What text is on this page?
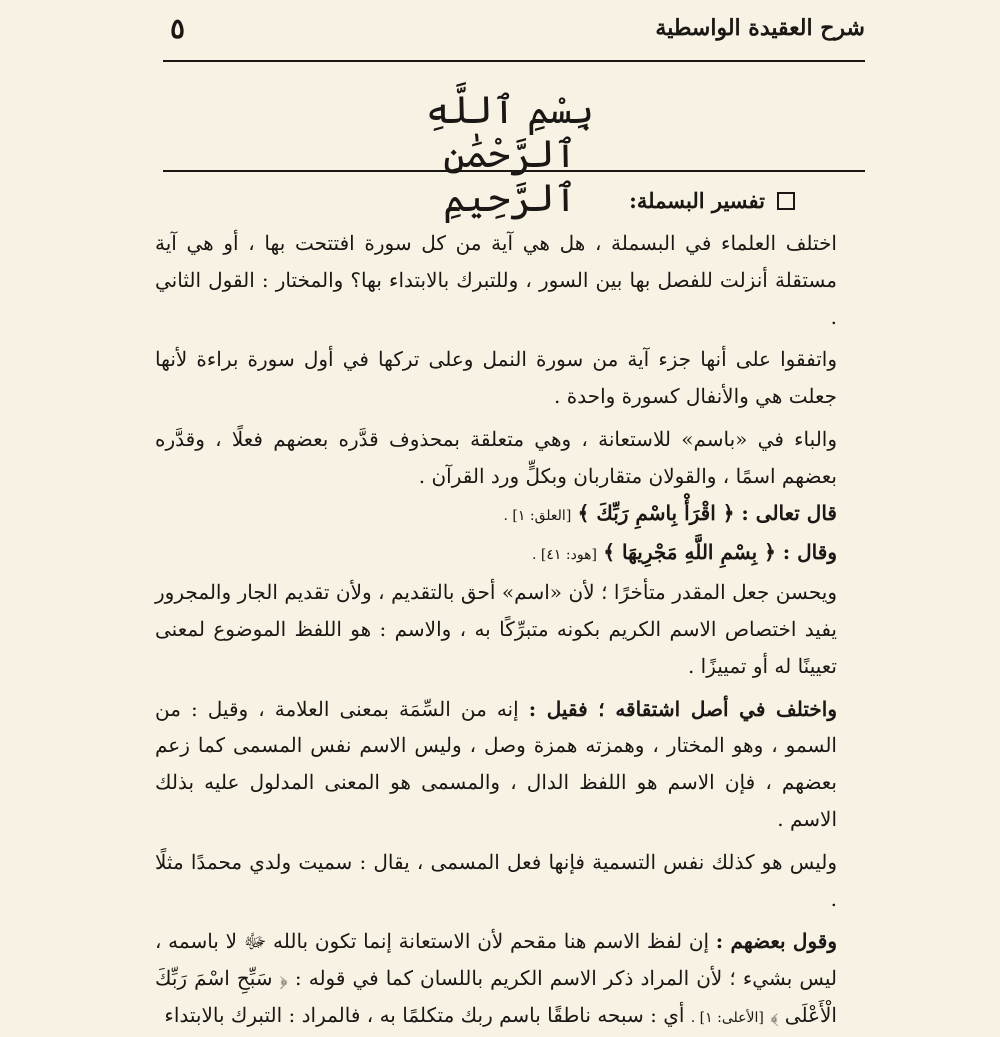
شرح العقيدة الواسطية
٥
بِسْمِ ٱللَّهِ ٱلرَّحْمَٰنِ ٱلرَّحِيمِ	تفسير البسملة:

اختلف العلماء في البسملة ، هل هي آية من كل سورة افتتحت بها ، أو هي آية مستقلة أنزلت للفصل بها بين السور ، وللتبرك بالابتداء بها؟ والمختار : القول الثاني .

واتفقوا على أنها جزء آية من سورة النمل وعلى تركها في أول سورة براءة لأنها جعلت هي والأنفال كسورة واحدة .

والباء في «باسم» للاستعانة ، وهي متعلقة بمحذوف قدَّره بعضهم فعلًا ، وقدَّره بعضهم اسمًا ، والقولان متقاربان وبكلٍّ ورد القرآن .

قال تعالى : ﴿ اقْرَأْ بِاسْمِ رَبِّكَ ﴾ [العلق: ١] .

وقال : ﴿ بِسْمِ اللَّهِ مَجْرِيهَا ﴾ [هود: ٤١] .

ويحسن جعل المقدر متأخرًا ؛ لأن «اسم» أحق بالتقديم ، ولأن تقديم الجار والمجرور يفيد اختصاص الاسم الكريم بكونه متبرِّكًا به ، والاسم : هو اللفظ الموضوع لمعنى تعيينًا له أو تمييزًا .

واختلف في أصل اشتقاقه ؛ فقيل : إنه من السِّمَة بمعنى العلامة ، وقيل : من السمو ، وهو المختار ، وهمزته همزة وصل ، وليس الاسم نفس المسمى كما زعم بعضهم ، فإن الاسم هو اللفظ الدال ، والمسمى هو المعنى المدلول عليه بذلك الاسم .

وليس هو كذلك نفس التسمية فإنها فعل المسمى ، يقال : سميت ولدي محمدًا مثلًا .

وقول بعضهم : إن لفظ الاسم هنا مقحم لأن الاستعانة إنما تكون بالله ﷻ لا باسمه ، ليس بشيء ؛ لأن المراد ذكر الاسم الكريم باللسان كما في قوله : ﴿ سَبِّحِ اسْمَ رَبِّكَ الْأَعْلَى ﴾ [الأعلى: ١] . أي : سبحه ناطقًا باسم ربك متكلمًا به ، فالمراد : التبرك بالابتداء
